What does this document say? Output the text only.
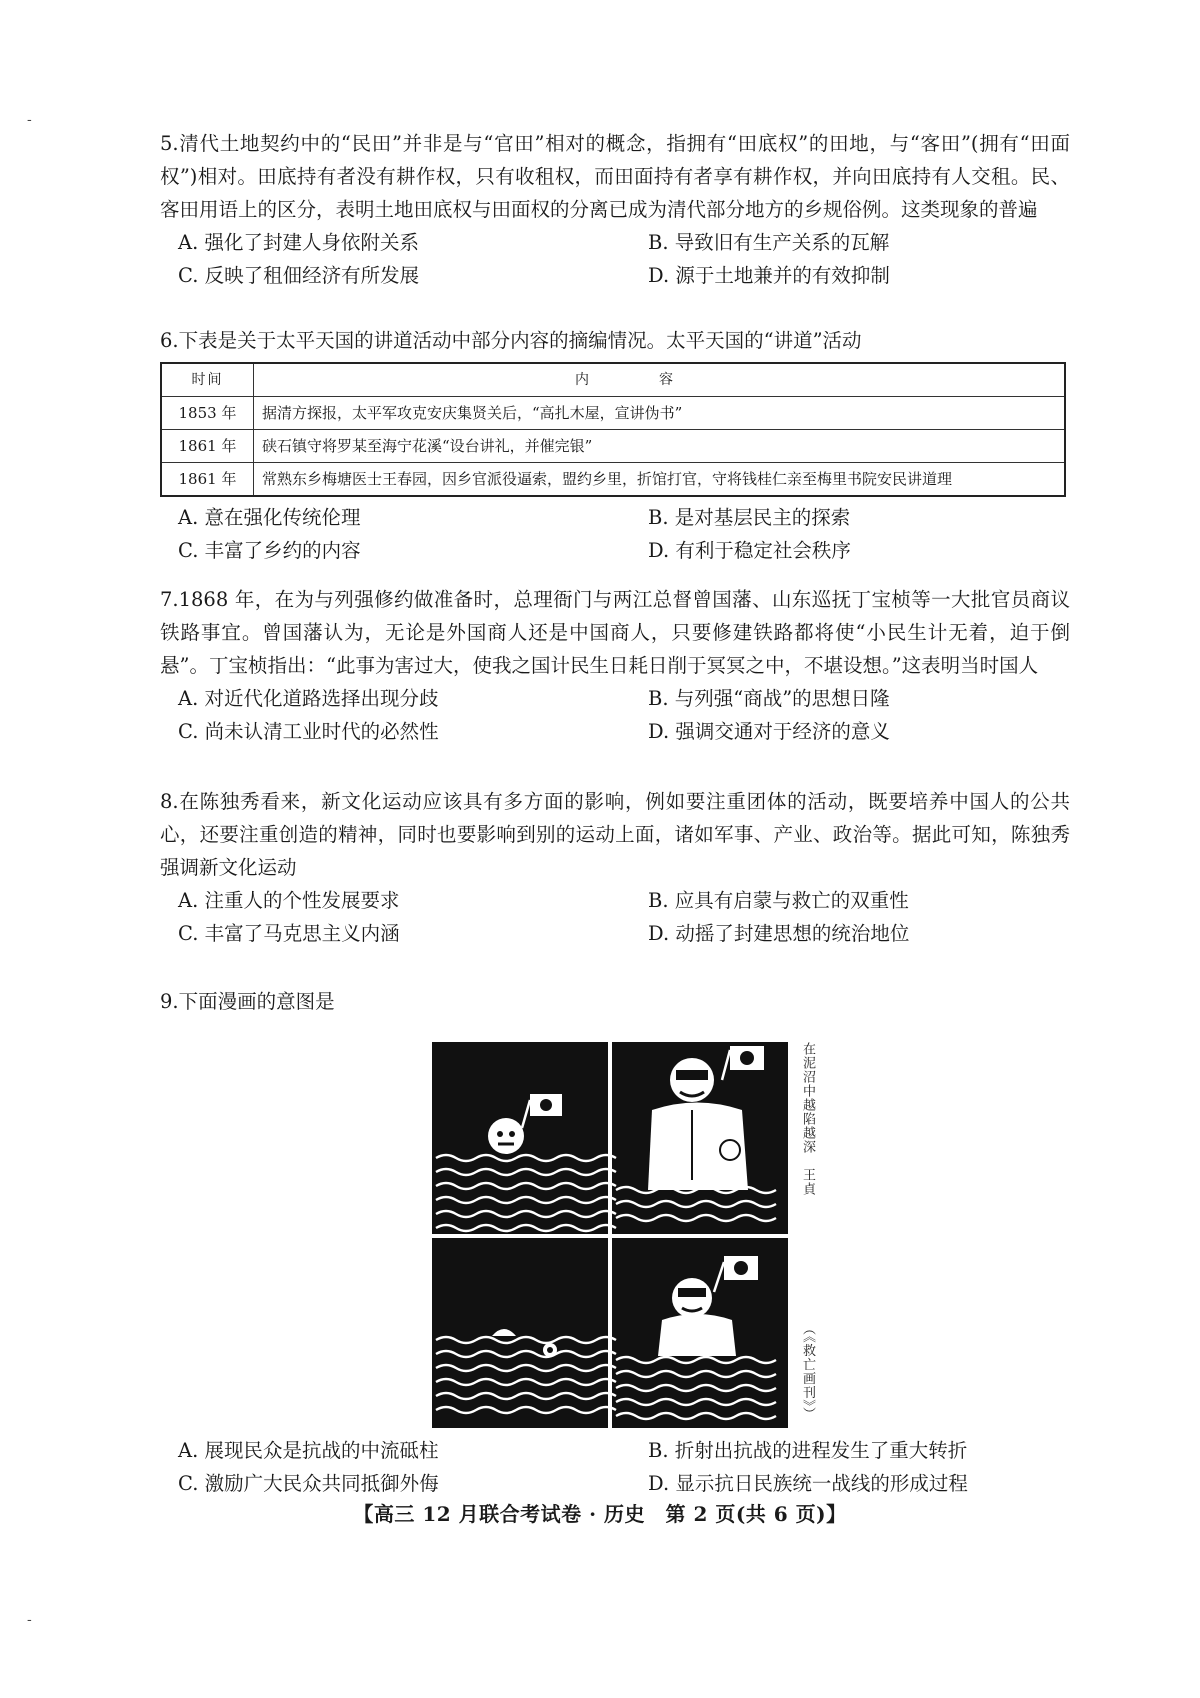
-
-

5.清代土地契约中的“民田”并非是与“官田”相对的概念，指拥有“田底权”的田地，与“客田”(拥有“田面权”)相对。田底持有者没有耕作权，只有收租权，而田面持有者享有耕作权，并向田底持有人交租。民、客田用语上的区分，表明土地田底权与田面权的分离已成为清代部分地方的乡规俗例。这类现象的普遍

A. 强化了封建人身依附关系	B. 导致旧有生产关系的瓦解
C. 反映了租佃经济有所发展	D. 源于土地兼并的有效抑制

6.下表是关于太平天国的讲道活动中部分内容的摘编情况。太平天国的“讲道”活动

时间	内容
1853 年	据清方探报，太平军攻克安庆集贤关后，“高扎木屋，宣讲伪书”
1861 年	硖石镇守将罗某至海宁花溪“设台讲礼，并催完银”
1861 年	常熟东乡梅塘医士王春园，因乡官派役逼索，盟约乡里，折馆打官，守将钱桂仁亲至梅里书院安民讲道理
A. 意在强化传统伦理	B. 是对基层民主的探索
C. 丰富了乡约的内容	D. 有利于稳定社会秩序

7.1868 年，在为与列强修约做准备时，总理衙门与两江总督曾国藩、山东巡抚丁宝桢等一大批官员商议铁路事宜。曾国藩认为，无论是外国商人还是中国商人，只要修建铁路都将使“小民生计无着，迫于倒悬”。丁宝桢指出：“此事为害过大，使我之国计民生日耗日削于冥冥之中，不堪设想。”这表明当时国人

A. 对近代化道路选择出现分歧	B. 与列强“商战”的思想日隆
C. 尚未认清工业时代的必然性	D. 强调交通对于经济的意义

8.在陈独秀看来，新文化运动应该具有多方面的影响，例如要注重团体的活动，既要培养中国人的公共心，还要注重创造的精神，同时也要影响到别的运动上面，诸如军事、产业、政治等。据此可知，陈独秀强调新文化运动

A. 注重人的个性发展要求	B. 应具有启蒙与救亡的双重性
C. 丰富了马克思主义内涵	D. 动摇了封建思想的统治地位

9.下面漫画的意图是

在泥沼中越陷越深　王貞
（《救亡画刊》）
A. 展现民众是抗战的中流砥柱	B. 折射出抗战的进程发生了重大转折
C. 激励广大民众共同抵御外侮	D. 显示抗日民族统一战线的形成过程
【高三 12 月联合考试卷 · 历史　第 2 页(共 6 页)】
